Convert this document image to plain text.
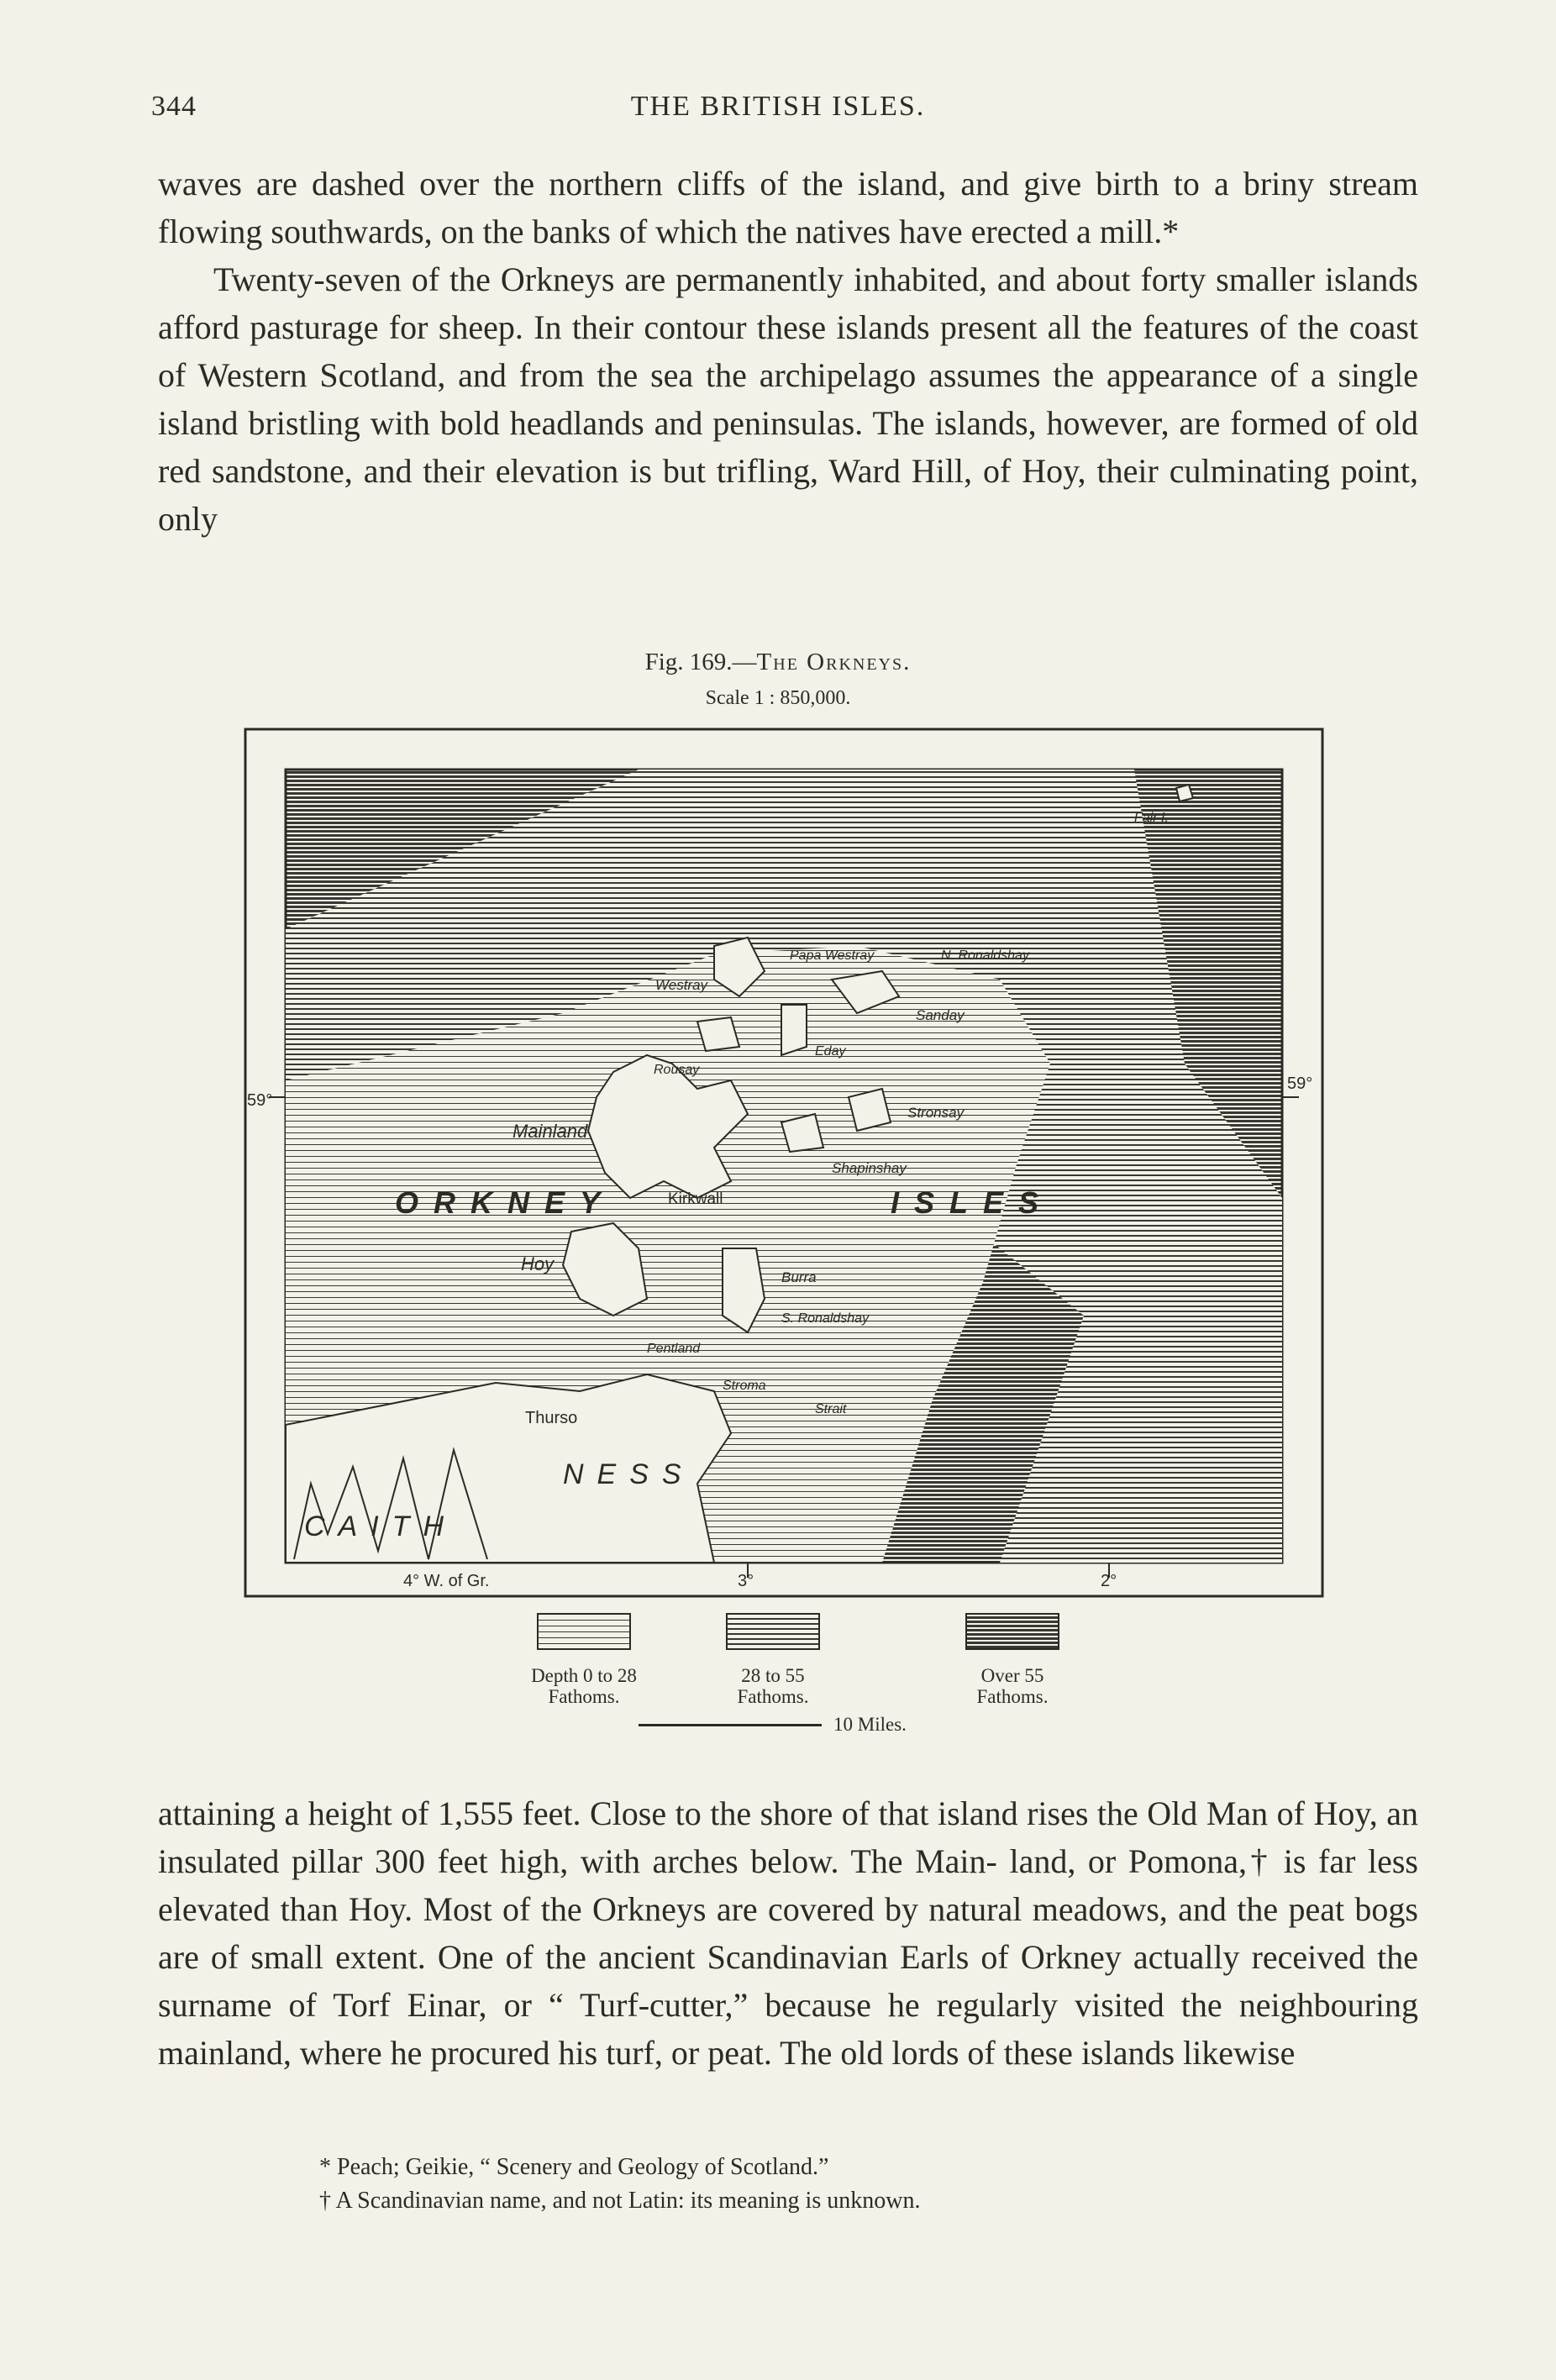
344	THE BRITISH ISLES.

waves are dashed over the northern cliffs of the island, and give birth to a briny stream flowing southwards, on the banks of which the natives have erected a mill.*

Twenty-seven of the Orkneys are permanently inhabited, and about forty smaller islands afford pasturage for sheep. In their contour these islands present all the features of the coast of Western Scotland, and from the sea the archipelago assumes the appearance of a single island bristling with bold headlands and peninsulas. The islands, however, are formed of old red sandstone, and their elevation is but trifling, Ward Hill, of Hoy, their culminating point, only

Fig. 169.—The Orkneys.
Scale 1 : 850,000.
ORKNEY	ISLES
Kirkwall
Thurso
CAITH
NESS
Mainland
Hoy
Westray
Papa Westray	N. Ronaldshay
Sanday
Eday
Rousay
Stronsay
Shapinshay
Burra
S. Ronaldshay
Pentland
Stroma
Strait
Fair I.
59°
59°
4° W. of Gr.	3°	2°
Depth 0 to 28
Fathoms.
28 to 55
Fathoms.
Over 55
Fathoms.
10 Miles.

attaining a height of 1,555 feet. Close to the shore of that island rises the Old Man of Hoy, an insulated pillar 300 feet high, with arches below. The Main- land, or Pomona,† is far less elevated than Hoy. Most of the Orkneys are covered by natural meadows, and the peat bogs are of small extent. One of the ancient Scandinavian Earls of Orkney actually received the surname of Torf Einar, or “ Turf-cutter,” because he regularly visited the neighbouring mainland, where he procured his turf, or peat. The old lords of these islands likewise

* Peach; Geikie, “ Scenery and Geology of Scotland.”
† A Scandinavian name, and not Latin: its meaning is unknown.
